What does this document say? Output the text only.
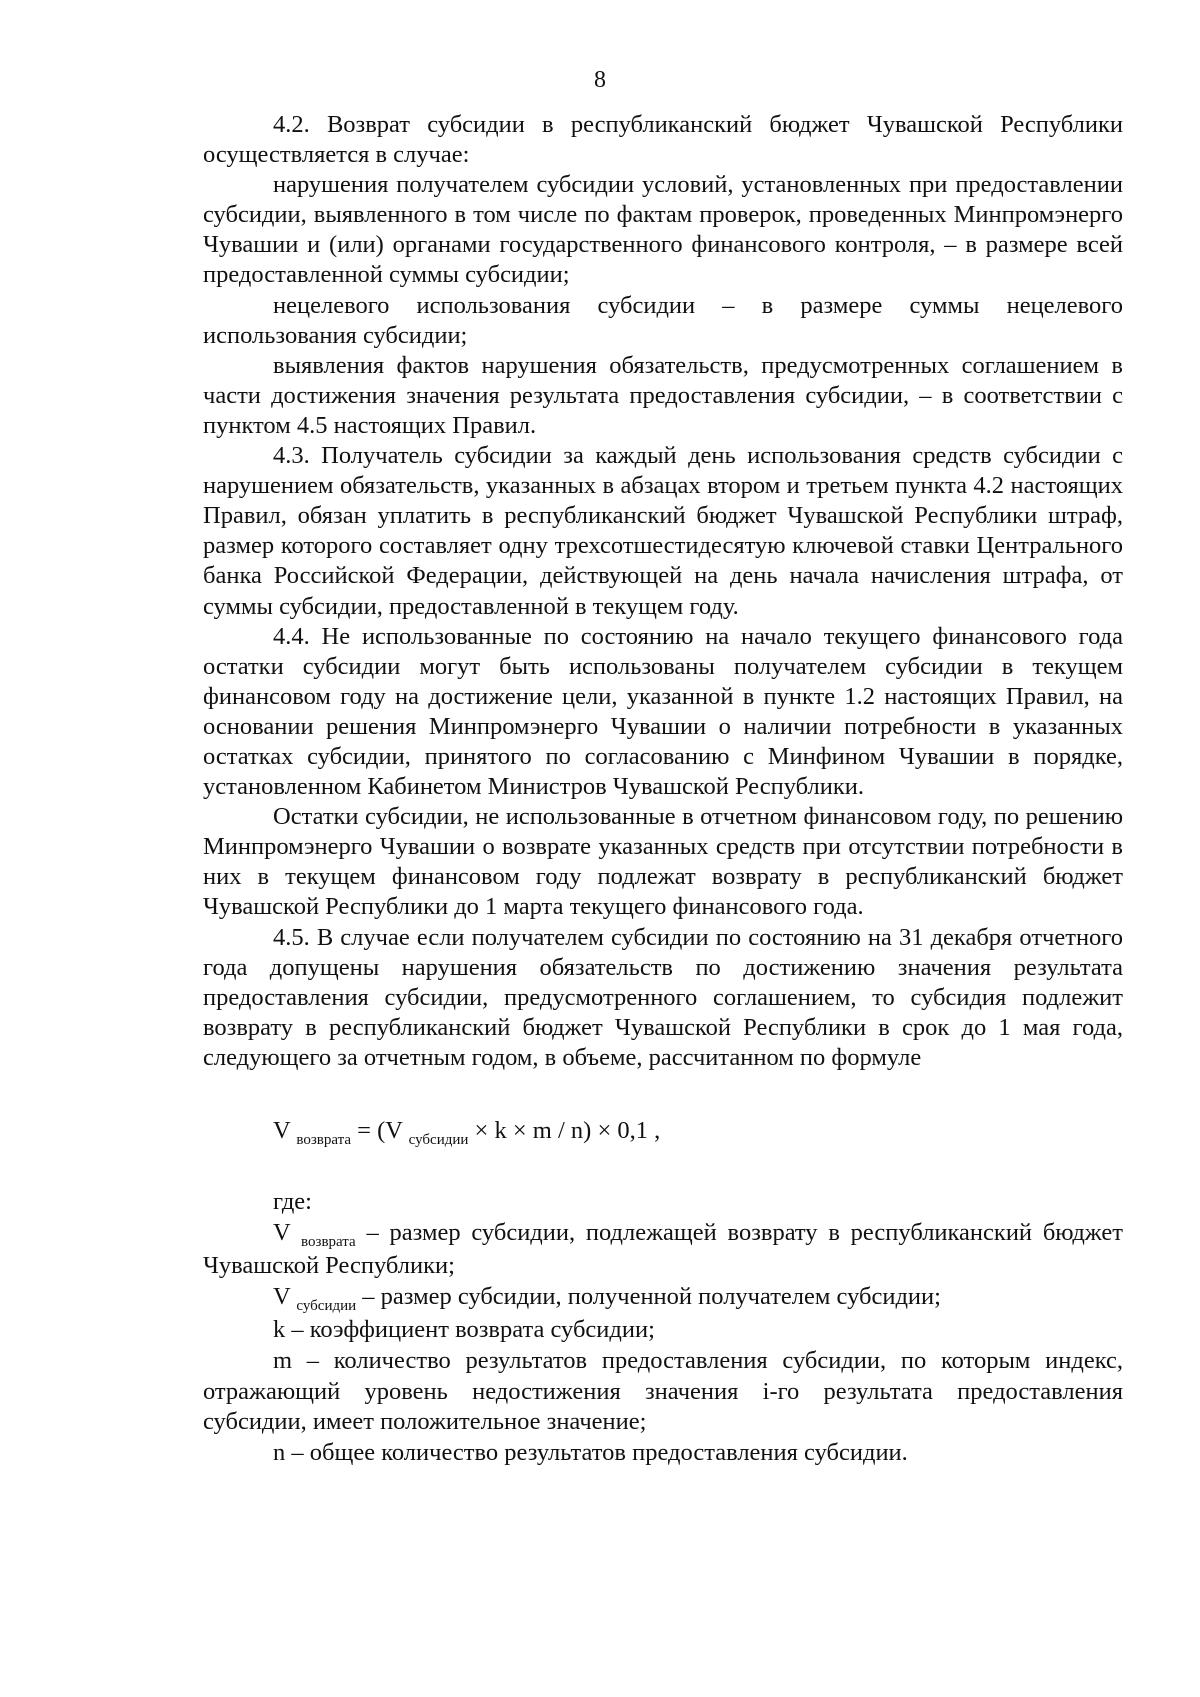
8

4.2. Возврат субсидии в республиканский бюджет Чувашской Республики осуществляется в случае:

нарушения получателем субсидии условий, установленных при предоставлении субсидии, выявленного в том числе по фактам проверок, проведенных Минпромэнерго Чувашии и (или) органами государственного финансового контроля, – в размере всей предоставленной суммы субсидии;

нецелевого использования субсидии – в размере суммы нецелевого использования субсидии;

выявления фактов нарушения обязательств, предусмотренных соглашением в части достижения значения результата предоставления субсидии, – в соответствии с пунктом 4.5 настоящих Правил.

4.3. Получатель субсидии за каждый день использования средств субсидии с нарушением обязательств, указанных в абзацах втором и третьем пункта 4.2 настоящих Правил, обязан уплатить в республиканский бюджет Чувашской Республики штраф, размер которого составляет одну трехсотшестидесятую ключевой ставки Центрального банка Российской Федерации, действующей на день начала начисления штрафа, от суммы субсидии, предоставленной в текущем году.

4.4. Не использованные по состоянию на начало текущего финансового года остатки субсидии могут быть использованы получателем субсидии в текущем финансовом году на достижение цели, указанной в пункте 1.2 настоящих Правил, на основании решения Минпромэнерго Чувашии о наличии потребности в указанных остатках субсидии, принятого по согласованию с Минфином Чувашии в порядке, установленном Кабинетом Министров Чувашской Республики.

Остатки субсидии, не использованные в отчетном финансовом году, по решению Минпромэнерго Чувашии о возврате указанных средств при отсутствии потребности в них в текущем финансовом году подлежат возврату в республиканский бюджет Чувашской Республики до 1 марта текущего финансового года.

4.5. В случае если получателем субсидии по состоянию на 31 декабря отчетного года допущены нарушения обязательств по достижению значения результата предоставления субсидии, предусмотренного соглашением, то субсидия подлежит возврату в республиканский бюджет Чувашской Республики в срок до 1 мая года, следующего за отчетным годом, в объеме, рассчитанном по формуле

V $_{возврата}$ = (V $_{субсидии}$ × k × m / n) × 0,1 ,

где:

V $_{возврата}$ – размер субсидии, подлежащей возврату в республиканский бюджет Чувашской Республики;

V $_{субсидии}$ – размер субсидии, полученной получателем субсидии;

k – коэффициент возврата субсидии;

m – количество результатов предоставления субсидии, по которым индекс, отражающий уровень недостижения значения i-го результата предоставления субсидии, имеет положительное значение;

n – общее количество результатов предоставления субсидии.
